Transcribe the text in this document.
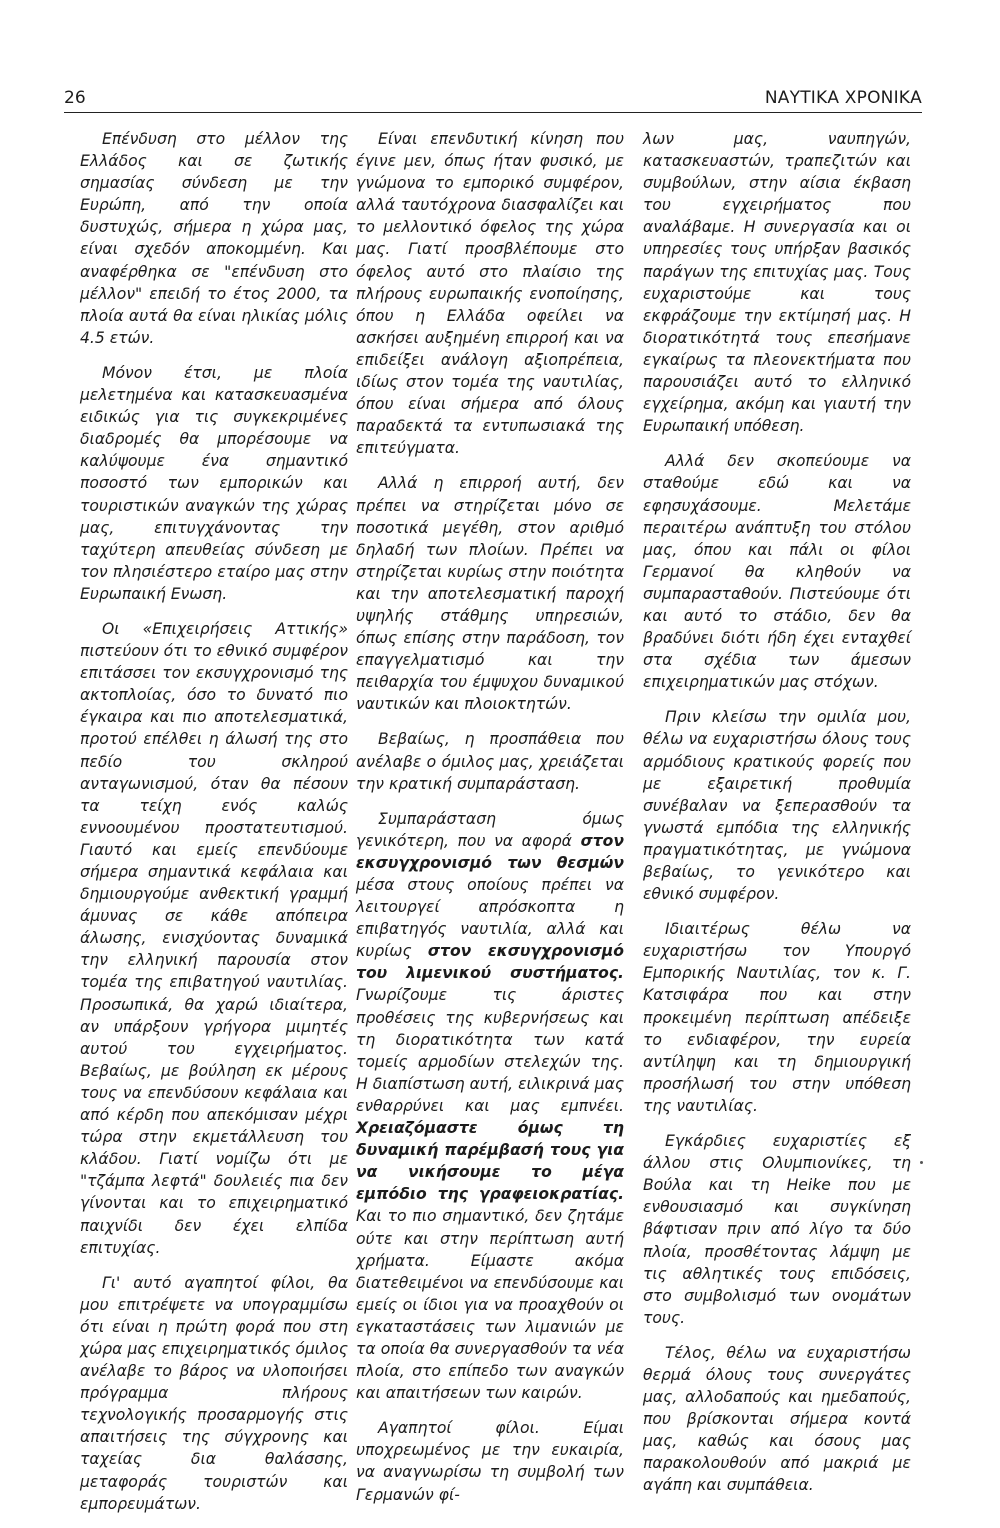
26	ΝΑΥΤΙΚΑ ΧΡΟΝΙΚΑ

Επένδυση στο μέλλον της Ελλάδος και σε ζωτικής σημασίας σύνδεση με την Ευρώπη, από την οποία δυστυχώς, σήμερα η χώρα μας, είναι σχεδόν αποκομμένη. Και αναφέρθηκα σε "επένδυση στο μέλλον" επειδή το έτος 2000, τα πλοία αυτά θα είναι ηλικίας μόλις 4.5 ετών.

Μόνον έτσι, με πλοία μελετημένα και κατασκευασμένα ειδικώς για τις συγκεκριμένες διαδρομές θα μπορέσουμε να καλύψουμε ένα σημαντικό ποσοστό των εμπορικών και τουριστικών αναγκών της χώρας μας, επιτυγχάνοντας την ταχύτερη απευθείας σύνδεση με τον πλησιέστερο εταίρο μας στην Ευρωπαική Ενωση.

Οι «Επιχειρήσεις Αττικής» πιστεύουν ότι το εθνικό συμφέρον επιτάσσει τον εκσυγχρονισμό της ακτοπλοίας, όσο το δυνατό πιο έγκαιρα και πιο αποτελεσματικά, προτού επέλθει η άλωσή της στο πεδίο του σκληρού ανταγωνισμού, όταν θα πέσουν τα τείχη ενός καλώς εννοουμένου προστατευτισμού. Γιαυτό και εμείς επενδύουμε σήμερα σημαντικά κεφάλαια και δημιουργούμε ανθεκτική γραμμή άμυνας σε κάθε απόπειρα άλωσης, ενισχύοντας δυναμικά την ελληνική παρουσία στον τομέα της επιβατηγού ναυτιλίας. Προσωπικά, θα χαρώ ιδιαίτερα, αν υπάρξουν γρήγορα μιμητές αυτού του εγχειρήματος. Βεβαίως, με βούληση εκ μέρους τους να επενδύσουν κεφάλαια και από κέρδη που απεκόμισαν μέχρι τώρα στην εκμετάλλευση του κλάδου. Γιατί νομίζω ότι με "τζάμπα λεφτά" δουλειές πια δεν γίνονται και το επιχειρηματικό παιχνίδι δεν έχει ελπίδα επιτυχίας.

Γι' αυτό αγαπητοί φίλοι, θα μου επιτρέψετε να υπογραμμίσω ότι είναι η πρώτη φορά που στη χώρα μας επιχειρηματικός όμιλος ανέλαβε το βάρος να υλοποιήσει πρόγραμμα πλήρους τεχνολογικής προσαρμογής στις απαιτήσεις της σύγχρονης και ταχείας δια θαλάσσης, μεταφοράς τουριστών και εμπορευμάτων.

Είναι επενδυτική κίνηση που έγινε μεν, όπως ήταν φυσικό, με γνώμονα το εμπορικό συμφέρον, αλλά ταυτόχρονα διασφαλίζει και το μελλοντικό όφελος της χώρα μας. Γιατί προσβλέπουμε στο όφελος αυτό στο πλαίσιο της πλήρους ευρωπαικής ενοποίησης, όπου η Ελλάδα οφείλει να ασκήσει αυξημένη επιρροή και να επιδείξει ανάλογη αξιοπρέπεια, ιδίως στον τομέα της ναυτιλίας, όπου είναι σήμερα από όλους παραδεκτά τα εντυπωσιακά της επιτεύγματα.

Αλλά η επιρροή αυτή, δεν πρέπει να στηρίζεται μόνο σε ποσοτικά μεγέθη, στον αριθμό δηλαδή των πλοίων. Πρέπει να στηρίζεται κυρίως στην ποιότητα και την αποτελεσματική παροχή υψηλής στάθμης υπηρεσιών, όπως επίσης στην παράδοση, τον επαγγελματισμό και την πειθαρχία του έμψυχου δυναμικού ναυτικών και πλοιοκτητών.

Βεβαίως, η προσπάθεια που ανέλαβε ο όμιλος μας, χρειάζεται την κρατική συμπαράσταση.

Συμπαράσταση όμως γενικότερη, που να αφορά στον εκσυγχρονισμό των θεσμών μέσα στους οποίους πρέπει να λειτουργεί απρόσκοπτα η επιβατηγός ναυτιλία, αλλά και κυρίως στον εκσυγχρονισμό του λιμενικού συστήματος. Γνωρίζουμε τις άριστες προθέσεις της κυβερνήσεως και τη διορατικότητα των κατά τομείς αρμοδίων στελεχών της. Η διαπίστωση αυτή, ειλικρινά μας ενθαρρύνει και μας εμπνέει. Χρειαζόμαστε όμως τη δυναμική παρέμβασή τους για να νικήσουμε το μέγα εμπόδιο της γραφειοκρατίας. Και το πιο σημαντικό, δεν ζητάμε ούτε και στην περίπτωση αυτή χρήματα. Είμαστε ακόμα διατεθειμένοι να επενδύσουμε και εμείς οι ίδιοι για να προαχθούν οι εγκαταστάσεις των λιμανιών με τα οποία θα συνεργασθούν τα νέα πλοία, στο επίπεδο των αναγκών και απαιτήσεων των καιρών.

Αγαπητοί φίλοι. Είμαι υποχρεωμένος με την ευκαιρία, να αναγνωρίσω τη συμβολή των Γερμανών φί-

λων μας, ναυπηγών, κατασκευαστών, τραπεζιτών και συμβούλων, στην αίσια έκβαση του εγχειρήματος που αναλάβαμε. Η συνεργασία και οι υπηρεσίες τους υπήρξαν βασικός παράγων της επιτυχίας μας. Τους ευχαριστούμε και τους εκφράζουμε την εκτίμησή μας. Η διορατικότητά τους επεσήμανε εγκαίρως τα πλεονεκτήματα που παρουσιάζει αυτό το ελληνικό εγχείρημα, ακόμη και γιαυτή την Ευρωπαική υπόθεση.

Αλλά δεν σκοπεύουμε να σταθούμε εδώ και να εφησυχάσουμε. Μελετάμε περαιτέρω ανάπτυξη του στόλου μας, όπου και πάλι οι φίλοι Γερμανοί θα κληθούν να συμπαρασταθούν. Πιστεύουμε ότι και αυτό το στάδιο, δεν θα βραδύνει διότι ήδη έχει ενταχθεί στα σχέδια των άμεσων επιχειρηματικών μας στόχων.

Πριν κλείσω την ομιλία μου, θέλω να ευχαριστήσω όλους τους αρμόδιους κρατικούς φορείς που με εξαιρετική προθυμία συνέβαλαν να ξεπερασθούν τα γνωστά εμπόδια της ελληνικής πραγματικότητας, με γνώμονα βεβαίως, το γενικότερο και εθνικό συμφέρον.

Ιδιαιτέρως θέλω να ευχαριστήσω τον Υπουργό Εμπορικής Ναυτιλίας, τον κ. Γ. Κατσιφάρα που και στην προκειμένη περίπτωση απέδειξε το ενδιαφέρον, την ευρεία αντίληψη και τη δημιουργική προσήλωσή του στην υπόθεση της ναυτιλίας.

Εγκάρδιες ευχαριστίες εξ άλλου στις Ολυμπιονίκες, τη Βούλα και τη Heike που με ενθουσιασμό και συγκίνηση βάφτισαν πριν από λίγο τα δύο πλοία, προσθέτοντας λάμψη με τις αθλητικές τους επιδόσεις, στο συμβολισμό των ονομάτων τους.

Τέλος, θέλω να ευχαριστήσω θερμά όλους τους συνεργάτες μας, αλλοδαπούς και ημεδαπούς, που βρίσκονται σήμερα κοντά μας, καθώς και όσους μας παρακολουθούν από μακριά με αγάπη και συμπάθεια.
